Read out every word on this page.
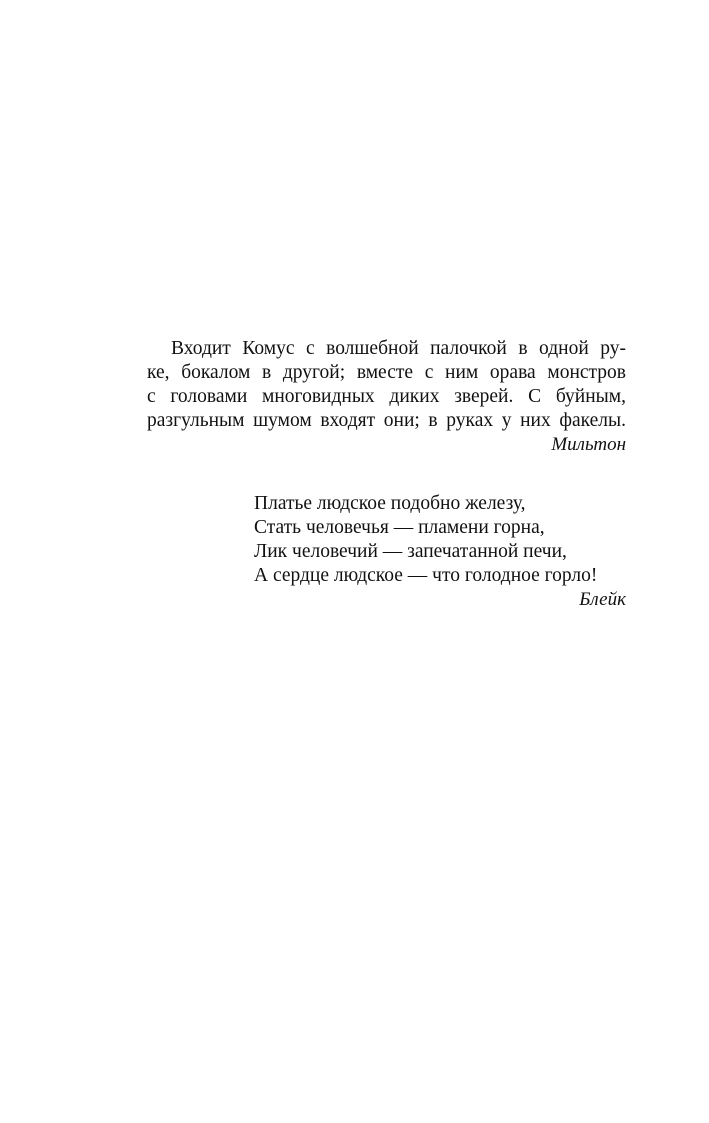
Входит Комус с волшебной палочкой в одной ру-
ке, бокалом в другой; вместе с ним орава монстров
с головами многовидных диких зверей. С буйным,
разгульным шумом входят они; в руках у них факелы.
Мильтон
Платье людское подобно железу,
Стать человечья — пламени горна,
Лик человечий — запечатанной печи,
А сердце людское — что голодное горло!
Блейк
